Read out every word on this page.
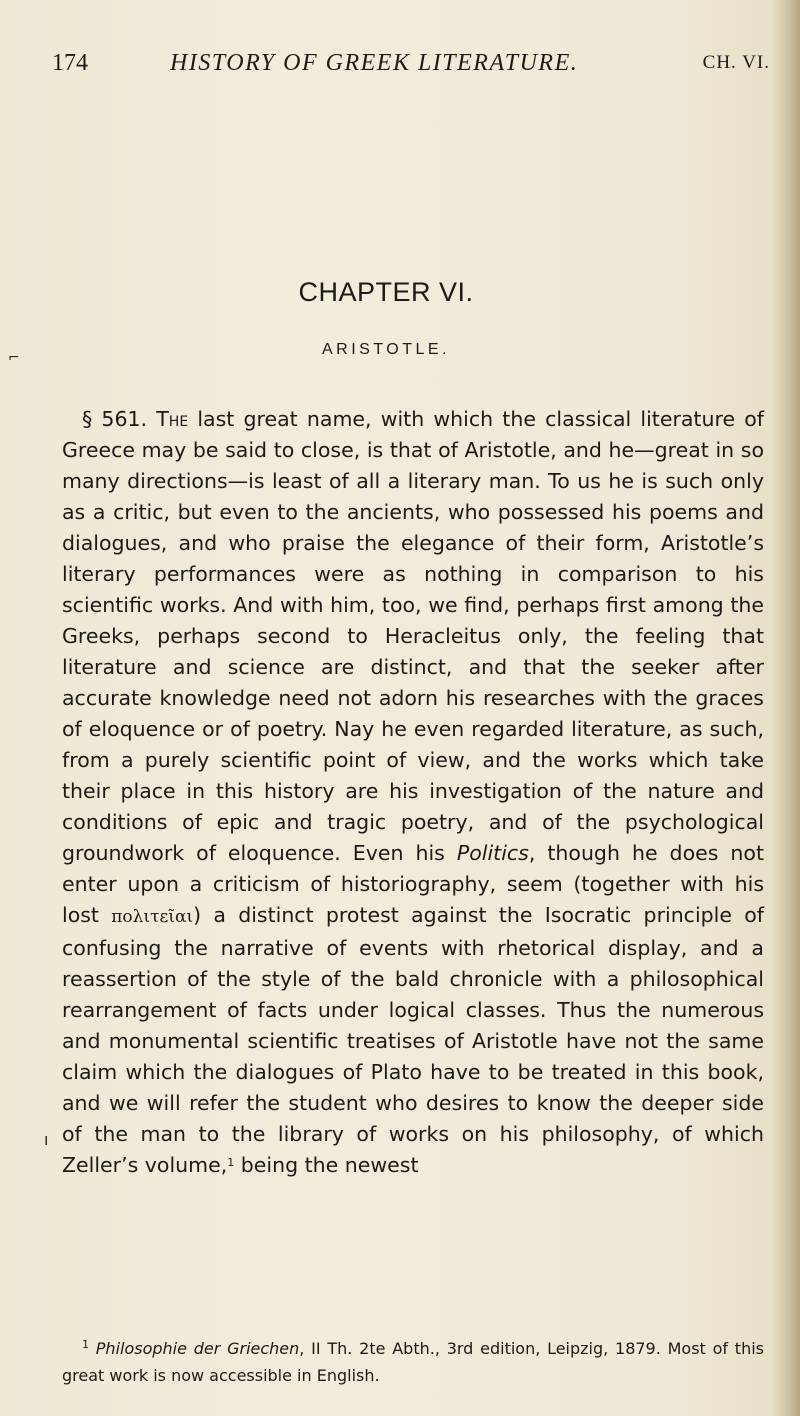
174	HISTORY OF GREEK LITERATURE.	CH. VI.
CHAPTER VI.
ARISTOTLE.

§ 561. The last great name, with which the classical literature of Greece may be said to close, is that of Aristotle, and he—great in so many directions—is least of all a literary man. To us he is such only as a critic, but even to the ancients, who possessed his poems and dialogues, and who praise the elegance of their form, Aristotle’s literary performances were as nothing in comparison to his scientific works. And with him, too, we find, perhaps first among the Greeks, perhaps second to Heracleitus only, the feeling that literature and science are distinct, and that the seeker after accurate knowledge need not adorn his researches with the graces of eloquence or of poetry. Nay he even regarded literature, as such, from a purely scientific point of view, and the works which take their place in this history are his investigation of the nature and conditions of epic and tragic poetry, and of the psychological groundwork of eloquence. Even his Politics, though he does not enter upon a criticism of historiography, seem (together with his lost πολιτεῖαι) a distinct protest against the Isocratic principle of confusing the narrative of events with rhetorical display, and a reassertion of the style of the bald chronicle with a philosophical rearrangement of facts under logical classes. Thus the numerous and monumental scientific treatises of Aristotle have not the same claim which the dialogues of Plato have to be treated in this book, and we will refer the student who desires to know the deeper side of the man to the library of works on his philosophy, of which Zeller’s volume,$^1$ being the newest

$^1$ Philosophie der Griechen, II Th. 2te Abth., 3rd edition, Leipzig, 1879. Most of this great work is now accessible in English.

⌐
ı
